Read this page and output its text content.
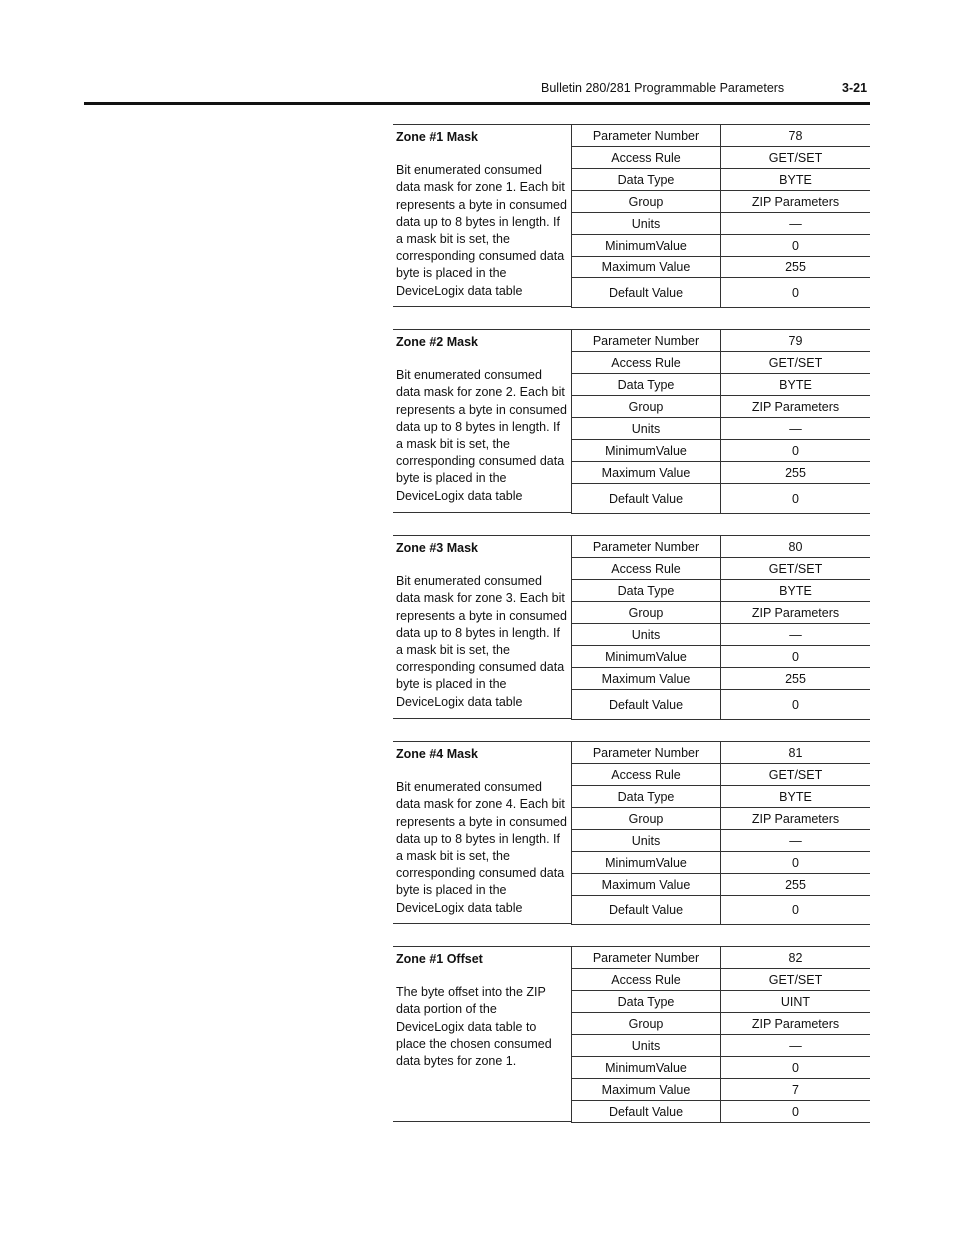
Bulletin 280/281 Programmable Parameters	3-21
Zone #1 Mask
Bit enumerated consumed data mask for zone 1. Each bit represents a byte in consumed data up to 8 bytes in length. If a mask bit is set, the corresponding consumed data byte is placed in the DeviceLogix data table
Parameter Number	78
Access Rule	GET/SET
Data Type	BYTE
Group	ZIP Parameters
Units	—
MinimumValue	0
Maximum Value	255
Default Value	0
Zone #2 Mask
Bit enumerated consumed data mask for zone 2. Each bit represents a byte in consumed data up to 8 bytes in length. If a mask bit is set, the corresponding consumed data byte is placed in the DeviceLogix data table
Parameter Number	79
Access Rule	GET/SET
Data Type	BYTE
Group	ZIP Parameters
Units	—
MinimumValue	0
Maximum Value	255
Default Value	0
Zone #3 Mask
Bit enumerated consumed data mask for zone 3. Each bit represents a byte in consumed data up to 8 bytes in length. If a mask bit is set, the corresponding consumed data byte is placed in the DeviceLogix data table
Parameter Number	80
Access Rule	GET/SET
Data Type	BYTE
Group	ZIP Parameters
Units	—
MinimumValue	0
Maximum Value	255
Default Value	0
Zone #4 Mask
Bit enumerated consumed data mask for zone 4. Each bit represents a byte in consumed data up to 8 bytes in length. If a mask bit is set, the corresponding consumed data byte is placed in the DeviceLogix data table
Parameter Number	81
Access Rule	GET/SET
Data Type	BYTE
Group	ZIP Parameters
Units	—
MinimumValue	0
Maximum Value	255
Default Value	0
Zone #1 Offset
The byte offset into the ZIP data portion of the DeviceLogix data table to place the chosen consumed data bytes for zone 1.
Parameter Number	82
Access Rule	GET/SET
Data Type	UINT
Group	ZIP Parameters
Units	—
MinimumValue	0
Maximum Value	7
Default Value	0
